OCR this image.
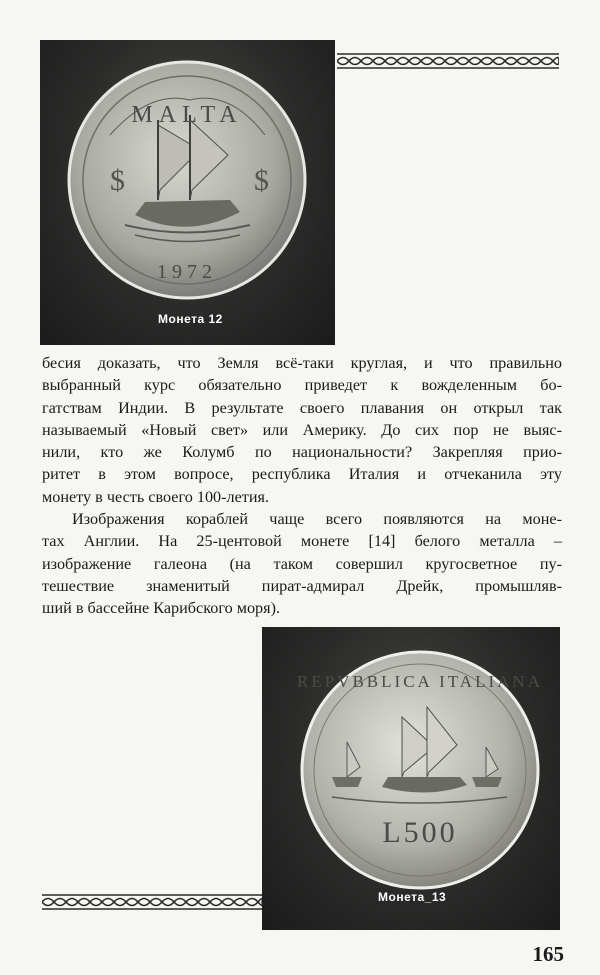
MALTA
1972
$	$
Монета 12

бесия доказать, что Земля всё-таки круглая, и что правильно
выбранный курс обязательно приведет к вожделенным бо-
гатствам Индии. В результате своего плавания он открыл так
называемый «Новый свет» или Америку. До сих пор не выяс-
нили, кто же Колумб по национальности? Закрепляя прио-
ритет в этом вопросе, республика Италия и отчеканила эту
монету в честь своего 100-летия.

Изображения кораблей чаще всего появляются на моне-
тах Англии. На 25-центовой монете [14] белого металла –
изображение галеона (на таком совершил кругосветное пу-
тешествие знаменитый пират-адмирал Дрейк, промышляв-
ший в бассейне Карибского моря).

REPVBBLICA ITALIANA
L500
Монета_13
165
